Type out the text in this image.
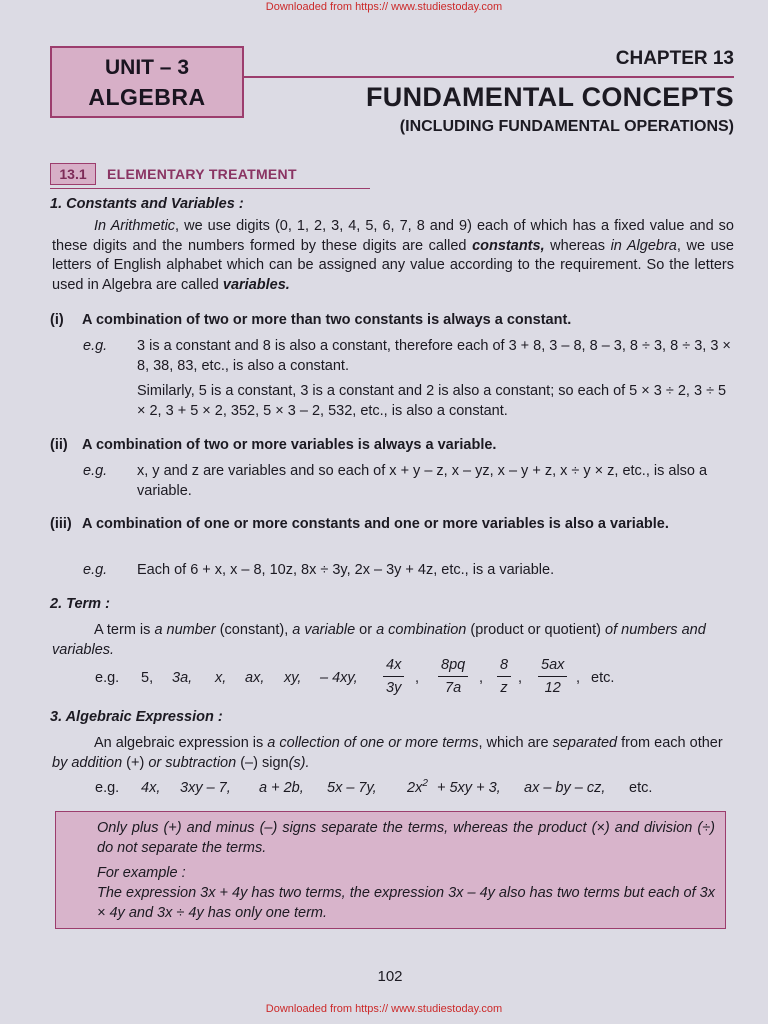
Downloaded from https:// www.studiestoday.com
UNIT – 3
ALGEBRA
CHAPTER 13
FUNDAMENTAL CONCEPTS
(INCLUDING FUNDAMENTAL OPERATIONS)
13.1	ELEMENTARY TREATMENT
1. Constants and Variables :
In Arithmetic, we use digits (0, 1, 2, 3, 4, 5, 6, 7, 8 and 9) each of which has a fixed value and so these digits and the numbers formed by these digits are called constants, whereas in Algebra, we use letters of English alphabet which can be assigned any value according to the requirement. So the letters used in Algebra are called variables.
(i) A combination of two or more than two constants is always a constant.
e.g. 3 is a constant and 8 is also a constant, therefore each of 3 + 8, 3 – 8, 8 – 3, 8 ÷ 3, 8 ÷ 3, 3 × 8, 38, 83, etc., is also a constant.
Similarly, 5 is a constant, 3 is a constant and 2 is also a constant; so each of 5 × 3 ÷ 2, 3 ÷ 5 × 2, 3 + 5 × 2, 352, 5 × 3 – 2, 532, etc., is also a constant.
(ii) A combination of two or more variables is always a variable.
e.g. x, y and z are variables and so each of x + y – z, x – yz, x – y + z, x ÷ y × z, etc., is also a variable.
(iii) A combination of one or more constants and one or more variables is also a variable.
e.g. Each of 6 + x, x – 8, 10z, 8x ÷ 3y, 2x – 3y + 4z, etc., is a variable.
2. Term :
A term is a number (constant), a variable or a combination (product or quotient) of numbers and variables.
e.g. 5, 3a, x, ax, xy, – 4xy, $\frac{4x}{3y}$ , $\frac{8pq}{7a}$ , $\frac{8}{z}$ , $\frac{5ax}{12}$ , etc.
3. Algebraic Expression :
An algebraic expression is a collection of one or more terms, which are separated from each other by addition (+) or subtraction (–) sign(s).
e.g. 4x, 3xy – 7, a + 2b, 5x – 7y, $2x^2 + 5xy + 3$, ax – by – cz, etc.
Only plus (+) and minus (–) signs separate the terms, whereas the product (×) and division (÷) do not separate the terms.
For example :
The expression 3x + 4y has two terms, the expression 3x – 4y also has two terms but each of 3x × 4y and 3x ÷ 4y has only one term.
102
Downloaded from https:// www.studiestoday.com
